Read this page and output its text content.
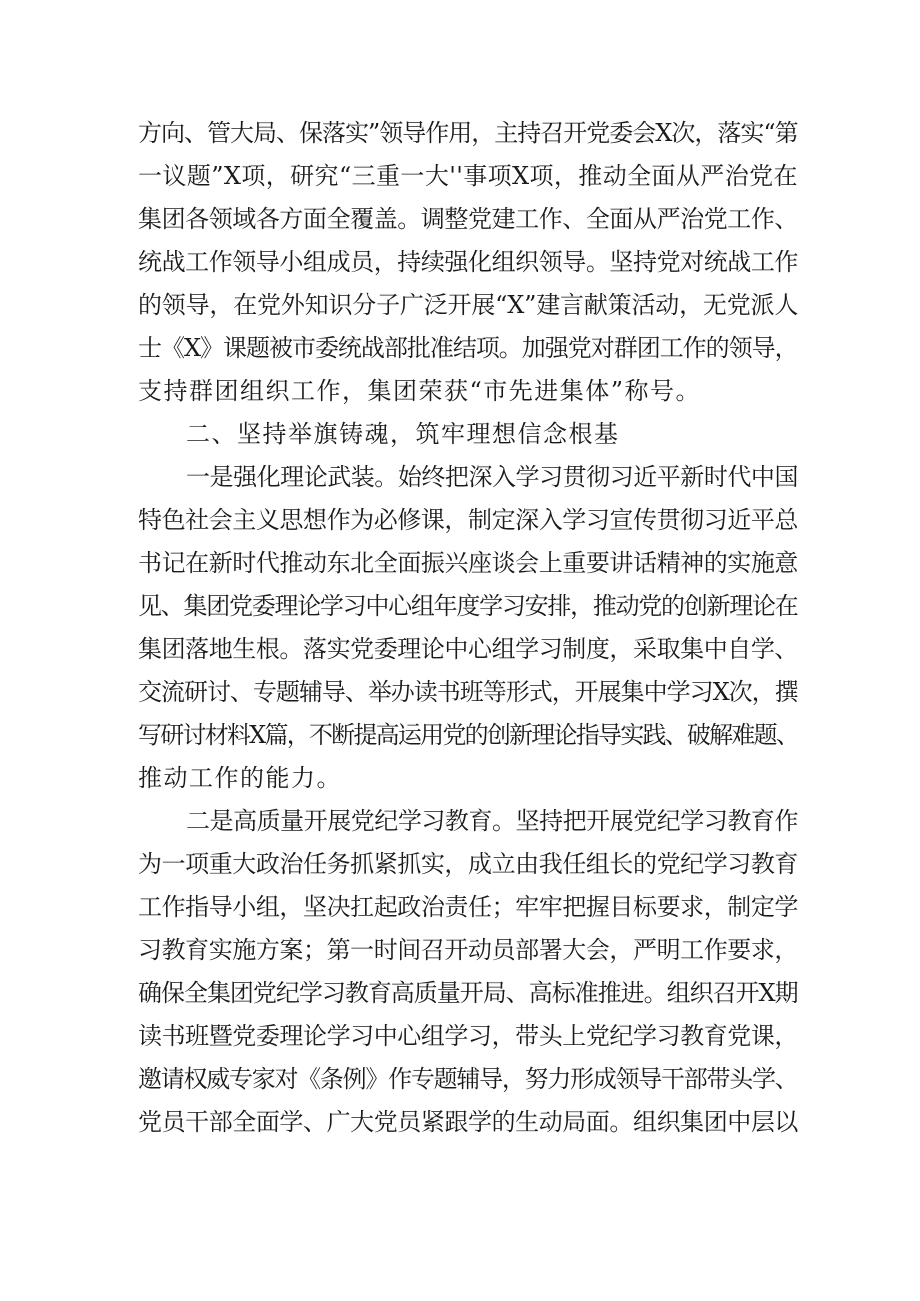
方向、管大局、保落实”领导作用，主持召开党委会X次，落实“第
一议题”X项，研究“三重一大''事项X项，推动全面从严治党在
集团各领域各方面全覆盖。调整党建工作、全面从严治党工作、
统战工作领导小组成员，持续强化组织领导。坚持党对统战工作
的领导，在党外知识分子广泛开展“X”建言献策活动，无党派人
士《X》课题被市委统战部批准结项。加强党对群团工作的领导，
支持群团组织工作，集团荣获“市先进集体”称号。
二、坚持举旗铸魂，筑牢理想信念根基
一是强化理论武装。始终把深入学习贯彻习近平新时代中国
特色社会主义思想作为必修课，制定深入学习宣传贯彻习近平总
书记在新时代推动东北全面振兴座谈会上重要讲话精神的实施意
见、集团党委理论学习中心组年度学习安排，推动党的创新理论在
集团落地生根。落实党委理论中心组学习制度，采取集中自学、
交流研讨、专题辅导、举办读书班等形式，开展集中学习X次，撰
写研讨材料X篇，不断提高运用党的创新理论指导实践、破解难题、
推动工作的能力。
二是高质量开展党纪学习教育。坚持把开展党纪学习教育作
为一项重大政治任务抓紧抓实，成立由我任组长的党纪学习教育
工作指导小组，坚决扛起政治责任；牢牢把握目标要求，制定学
习教育实施方案；第一时间召开动员部署大会，严明工作要求，
确保全集团党纪学习教育高质量开局、高标准推进。组织召开X期
读书班暨党委理论学习中心组学习，带头上党纪学习教育党课，
邀请权威专家对《条例》作专题辅导，努力形成领导干部带头学、
党员干部全面学、广大党员紧跟学的生动局面。组织集团中层以
